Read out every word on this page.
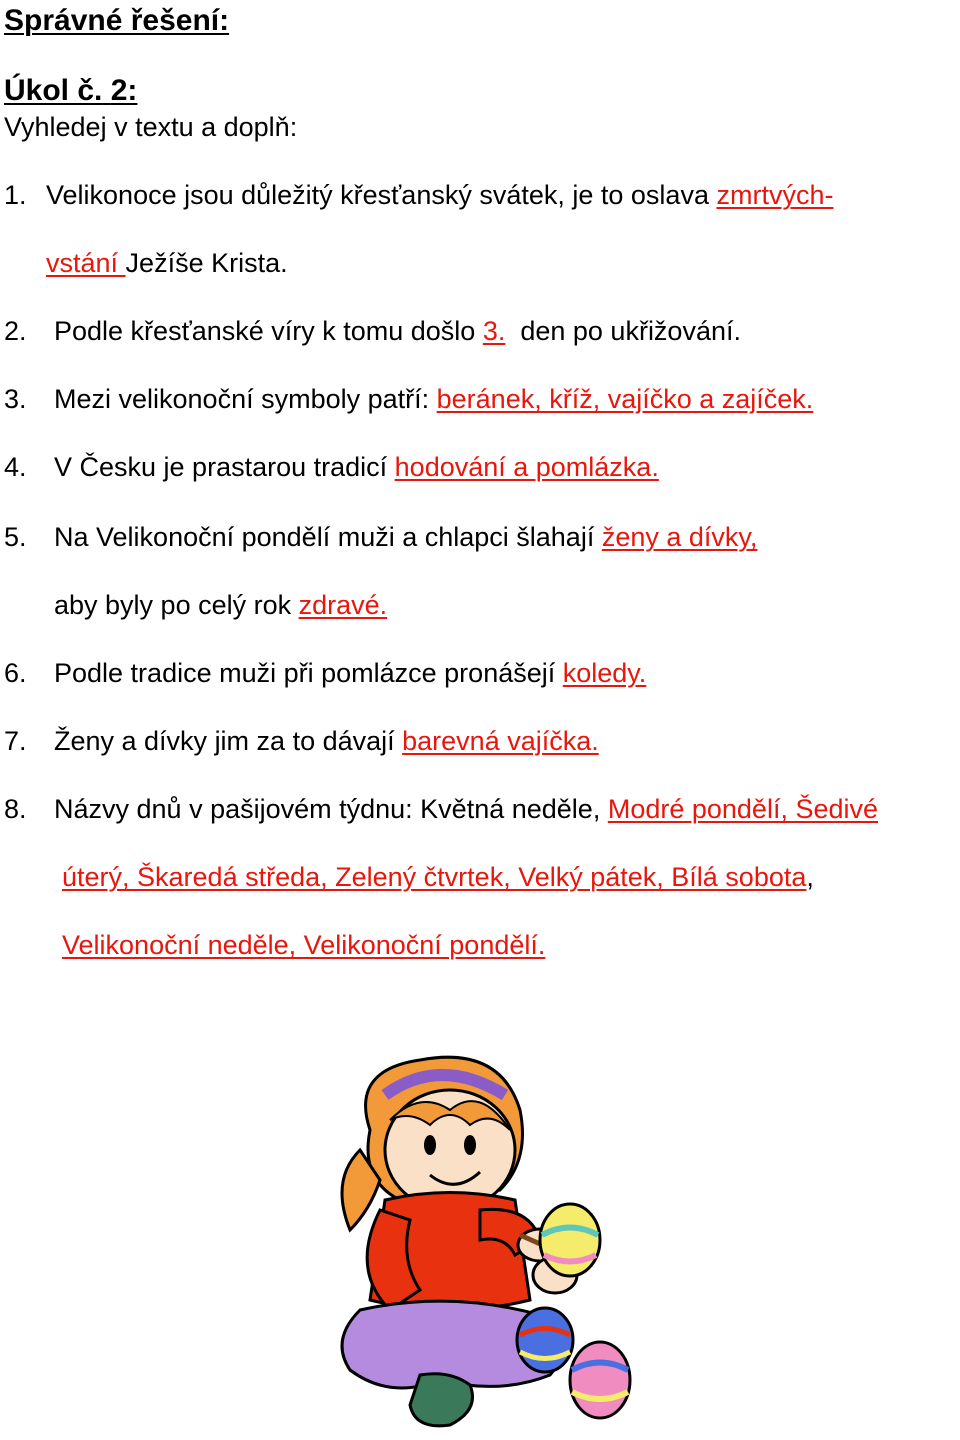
Správné řešení:
Úkol č. 2:
Vyhledej v textu a doplň:
1. Velikonoce jsou důležitý křesťanský svátek, je to oslava zmrtvých-
vstání Ježíše Krista.
2. Podle křesťanské víry k tomu došlo 3.  den po ukřižování.
3. Mezi velikonoční symboly patří: beránek, kříž, vajíčko a zajíček.
4. V Česku je prastarou tradicí hodování a pomlázka.
5. Na Velikonoční pondělí muži a chlapci šlahají ženy a dívky,
aby byly po celý rok zdravé.
6. Podle tradice muži při pomlázce pronášejí koledy.
7. Ženy a dívky jim za to dávají barevná vajíčka.
8. Názvy dnů v pašijovém týdnu: Květná neděle, Modré pondělí, Šedivé
úterý, Škaredá středa, Zelený čtvrtek, Velký pátek, Bílá sobota,
Velikonoční neděle, Velikonoční pondělí.
